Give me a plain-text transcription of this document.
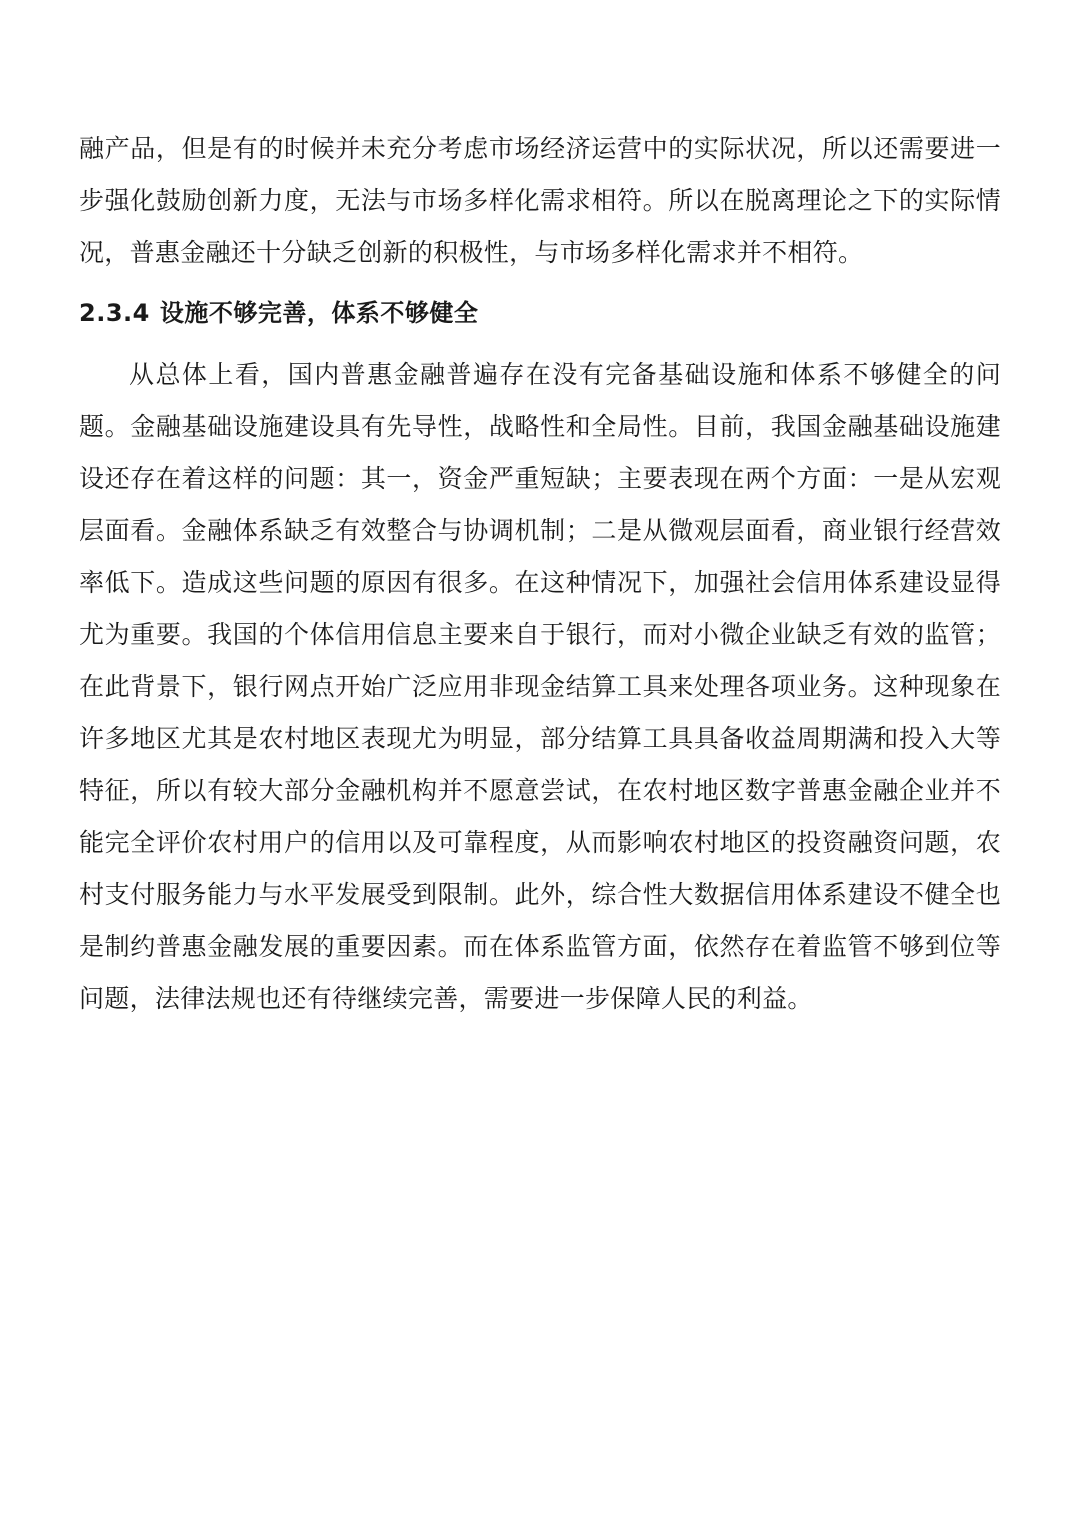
融产品，但是有的时候并未充分考虑市场经济运营中的实际状况，所以还需要进一步强化鼓励创新力度，无法与市场多样化需求相符。所以在脱离理论之下的实际情况，普惠金融还十分缺乏创新的积极性，与市场多样化需求并不相符。

2.3.4 设施不够完善，体系不够健全

从总体上看，国内普惠金融普遍存在没有完备基础设施和体系不够健全的问题。金融基础设施建设具有先导性，战略性和全局性。目前，我国金融基础设施建设还存在着这样的问题：其一，资金严重短缺；主要表现在两个方面：一是从宏观层面看。金融体系缺乏有效整合与协调机制；二是从微观层面看，商业银行经营效率低下。造成这些问题的原因有很多。在这种情况下，加强社会信用体系建设显得尤为重要。我国的个体信用信息主要来自于银行，而对小微企业缺乏有效的监管；在此背景下，银行网点开始广泛应用非现金结算工具来处理各项业务。这种现象在许多地区尤其是农村地区表现尤为明显，部分结算工具具备收益周期满和投入大等特征，所以有较大部分金融机构并不愿意尝试，在农村地区数字普惠金融企业并不能完全评价农村用户的信用以及可靠程度，从而影响农村地区的投资融资问题，农村支付服务能力与水平发展受到限制。此外，综合性大数据信用体系建设不健全也是制约普惠金融发展的重要因素。而在体系监管方面，依然存在着监管不够到位等问题，法律法规也还有待继续完善，需要进一步保障人民的利益。
